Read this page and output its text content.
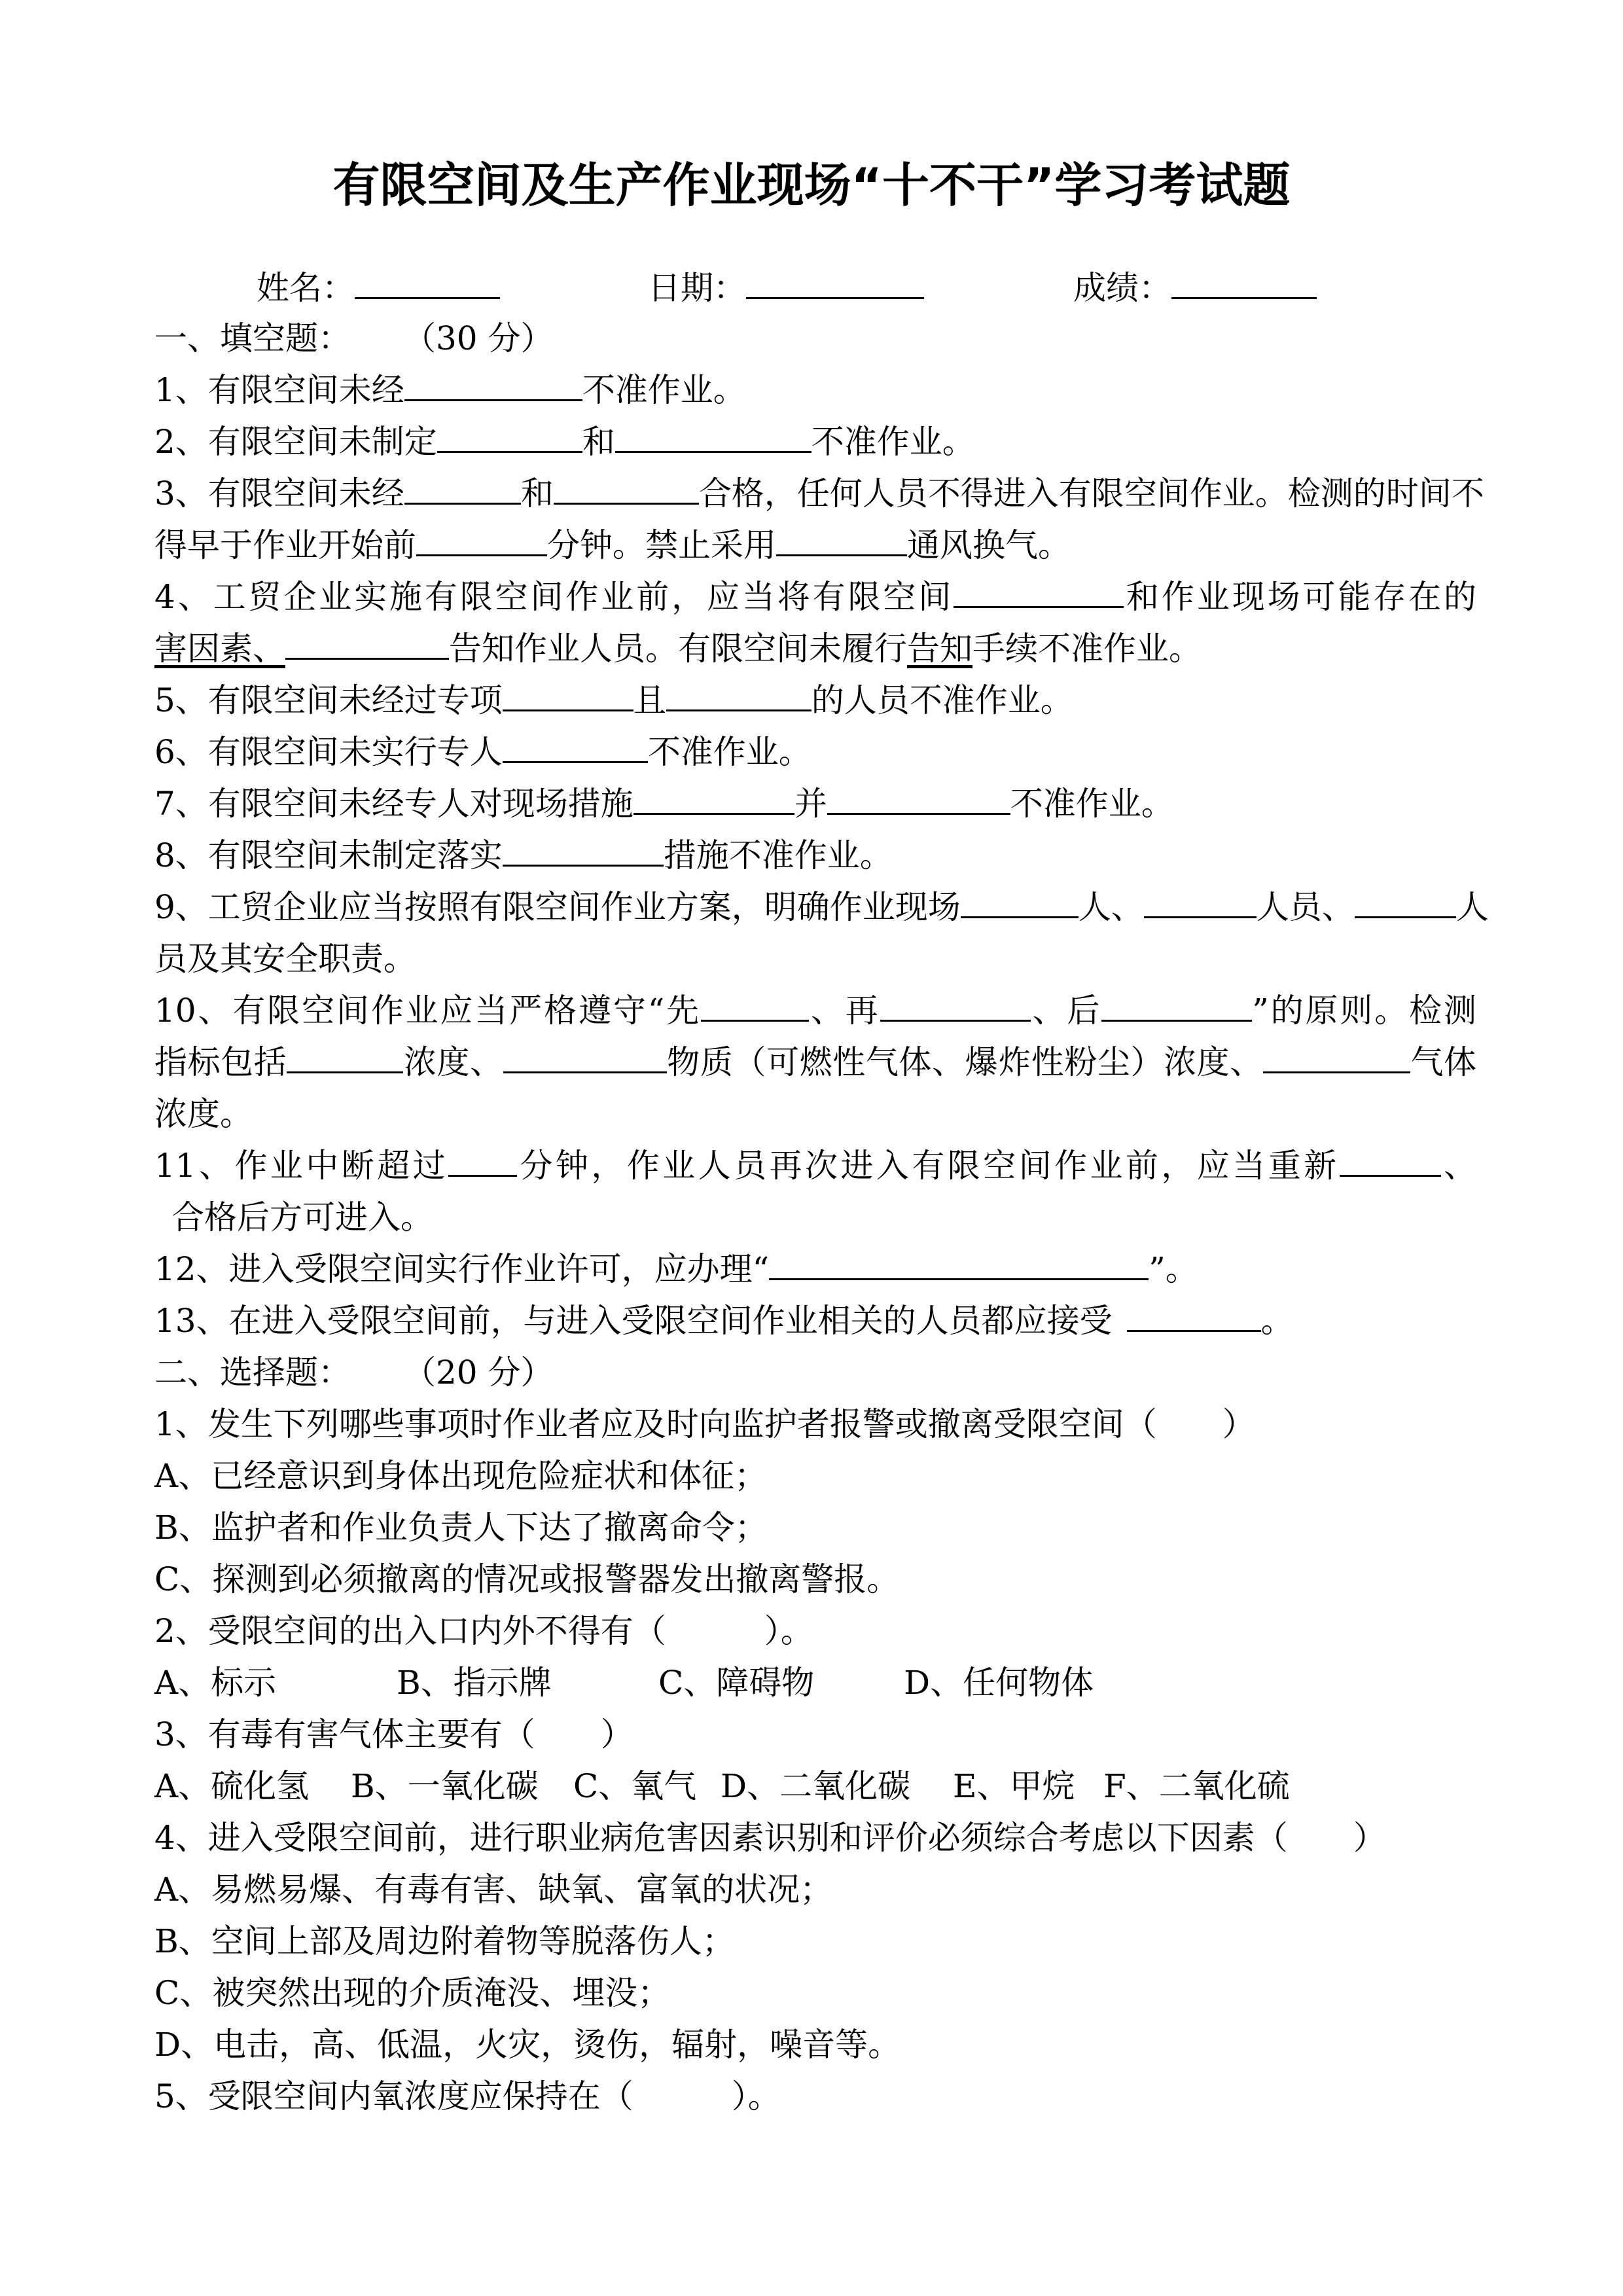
有限空间及生产作业现场“十不干”学习考试题
姓名：	日期：	成绩：
一、填空题： （30 分）
1、有限空间未经	不准作业。
2、有限空间未制定	和	不准作业。
3、有限空间未经	和	合格，任何人员不得进入有限空间作业。检测的时间不
得早于作业开始前	分钟。禁止采用	通风换气。
4、工贸企业实施有限空间作业前，应当将有限空间	和作业现场可能存在的
害因素、	告知作业人员。有限空间未履行告知手续不准作业。
5、有限空间未经过专项	且	的人员不准作业。
6、有限空间未实行专人	不准作业。
7、有限空间未经专人对现场措施	并	不准作业。
8、有限空间未制定落实	措施不准作业。
9、工贸企业应当按照有限空间作业方案，明确作业现场	人、	人员、	人
员及其安全职责。
10、有限空间作业应当严格遵守“先	、再	、后	”的原则。检测
指标包括	浓度、	物质（可燃性气体、爆炸性粉尘）浓度、	气体
浓度。
11、作业中断超过 分钟，作业人员再次进入有限空间作业前，应当重新	、
合格后方可进入。
12、进入受限空间实行作业许可，应办理“	”。
13、在进入受限空间前，与进入受限空间作业相关的人员都应接受	。
二、选择题： （20 分）
1、发生下列哪些事项时作业者应及时向监护者报警或撤离受限空间（　　）
A、已经意识到身体出现危险症状和体征；
B、监护者和作业负责人下达了撤离命令；
C、探测到必须撤离的情况或报警器发出撤离警报。
2、受限空间的出入口内外不得有（　　　）。
A、标示	B、指示牌	C、障碍物	D、任何物体
3、有毒有害气体主要有（　　）
A、硫化氢 B、一氧化碳 C、氧气 D、二氧化碳 E、甲烷 F、二氧化硫
4、进入受限空间前，进行职业病危害因素识别和评价必须综合考虑以下因素（　　）
A、易燃易爆、有毒有害、缺氧、富氧的状况；
B、空间上部及周边附着物等脱落伤人；
C、被突然出现的介质淹没、埋没；
D、电击，高、低温，火灾，烫伤，辐射，噪音等。
5、受限空间内氧浓度应保持在（　　　）。
